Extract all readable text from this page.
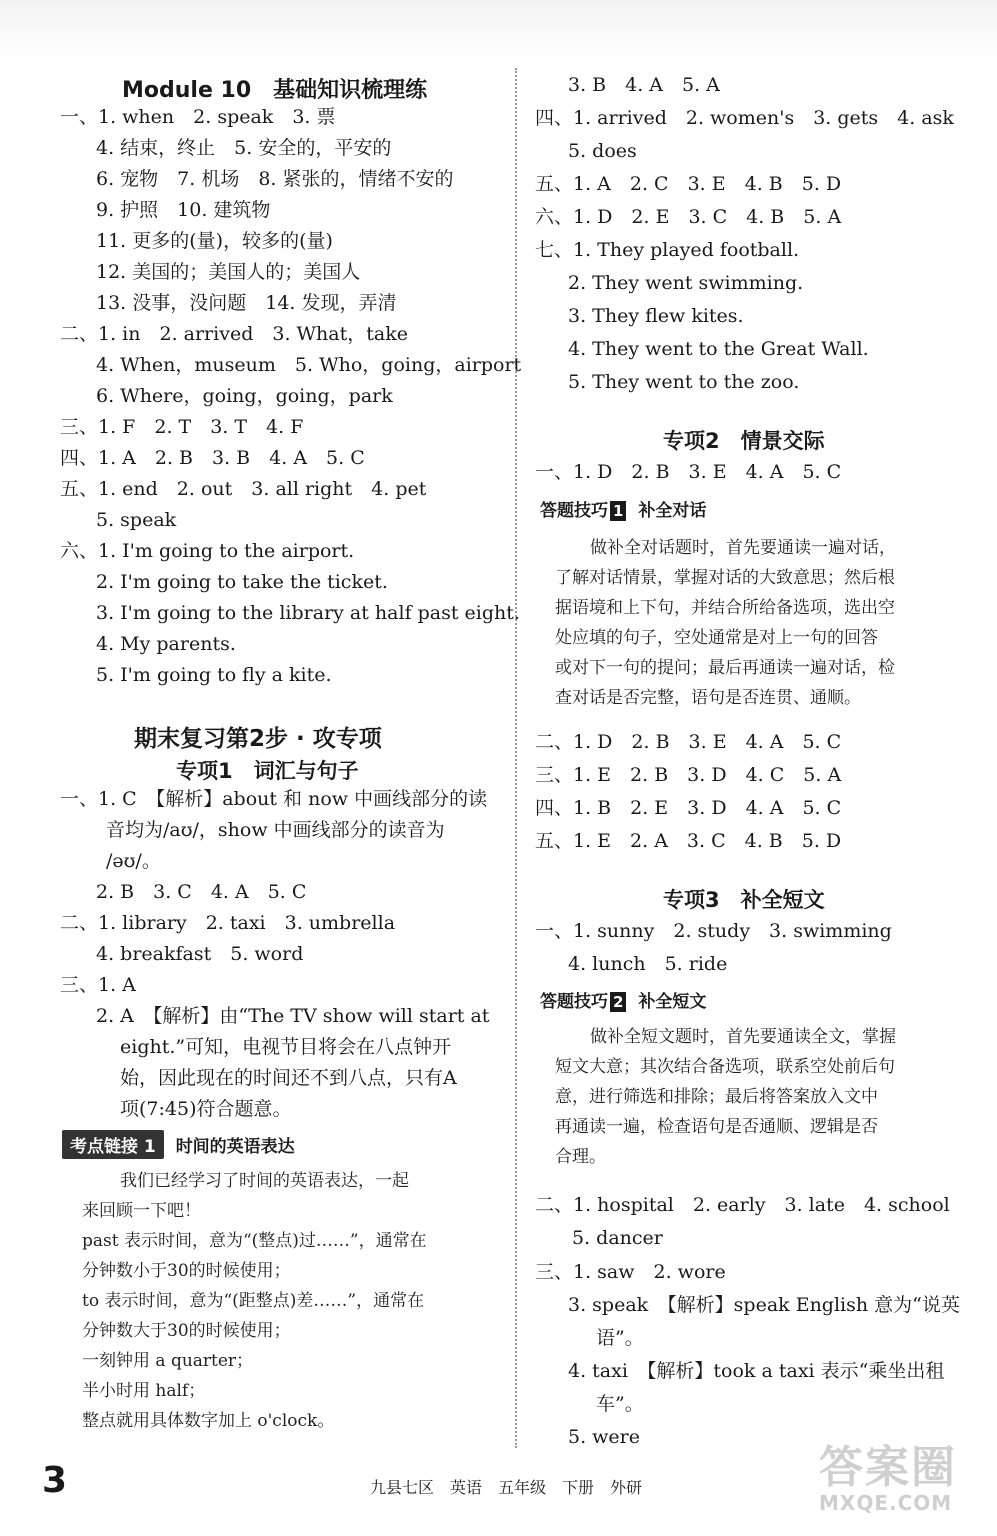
Module 10　基础知识梳理练
一、1. when　2. speak　3. 票
4. 结束，终止　5. 安全的，平安的
6. 宠物　7. 机场　8. 紧张的，情绪不安的
9. 护照　10. 建筑物
11. 更多的(量)，较多的(量)
12. 美国的；美国人的；美国人
13. 没事，没问题　14. 发现，弄清
二、1. in　2. arrived　3. What，take
4. When，museum　5. Who，going，airport
6. Where，going，going，park
三、1. F　2. T　3. T　4. F
四、1. A　2. B　3. B　4. A　5. C
五、1. end　2. out　3. all right　4. pet
5. speak
六、1. I'm going to the airport.
2. I'm going to take the ticket.
3. I'm going to the library at half past eight.
4. My parents.
5. I'm going to fly a kite.
一、1. C　【解析】about 和 now 中画线部分的读
音均为/aʊ/，show 中画线部分的读音为
/əʊ/。
2. B　3. C　4. A　5. C
二、1. library　2. taxi　3. umbrella
4. breakfast　5. word
三、1. A
2. A　【解析】由“The TV show will start at
eight.”可知，电视节目将会在八点钟开
始，因此现在的时间还不到八点，只有A
项(7:45)符合题意。
期末复习第2步 · 攻专项
专项1　词汇与句子
考点链接 1 时间的英语表达
我们已经学习了时间的英语表达，一起
来回顾一下吧！
past 表示时间，意为“(整点)过……”，通常在
分钟数小于30的时候使用；
to 表示时间，意为“(距整点)差……”，通常在
分钟数大于30的时候使用；
一刻钟用 a quarter；
半小时用 half；
整点就用具体数字加上 o'clock。
3. B　4. A　5. A
四、1. arrived　2. women's　3. gets　4. ask
5. does
五、1. A　2. C　3. E　4. B　5. D
六、1. D　2. E　3. C　4. B　5. A
七、1. They played football.
2. They went swimming.
3. They flew kites.
4. They went to the Great Wall.
5. They went to the zoo.
一、1. D　2. B　3. E　4. A　5. C
二、1. D　2. B　3. E　4. A　5. C
三、1. E　2. B　3. D　4. C　5. A
四、1. B　2. E　3. D　4. A　5. C
五、1. E　2. A　3. C　4. B　5. D
一、1. sunny　2. study　3. swimming
4. lunch　5. ride
二、1. hospital　2. early　3. late　4. school
5. dancer
三、1. saw　2. wore
3. speak　【解析】speak English 意为“说英
语”。
4. taxi　【解析】took a taxi 表示“乘坐出租
车”。
5. were
专项2　情景交际
答题技巧 1 补全对话
做补全对话题时，首先要通读一遍对话，
了解对话情景，掌握对话的大致意思；然后根
据语境和上下句，并结合所给备选项，选出空
处应填的句子，空处通常是对上一句的回答
或对下一句的提问；最后再通读一遍对话，检
查对话是否完整，语句是否连贯、通顺。
专项3　补全短文
答题技巧 2 补全短文
做补全短文题时，首先要通读全文，掌握
短文大意；其次结合备选项，联系空处前后句
意，进行筛选和排除；最后将答案放入文中
再通读一遍，检查语句是否通顺、逻辑是否
合理。
3	九县七区　英语　五年级　下册　外研	答案圈
MXQE.COM
